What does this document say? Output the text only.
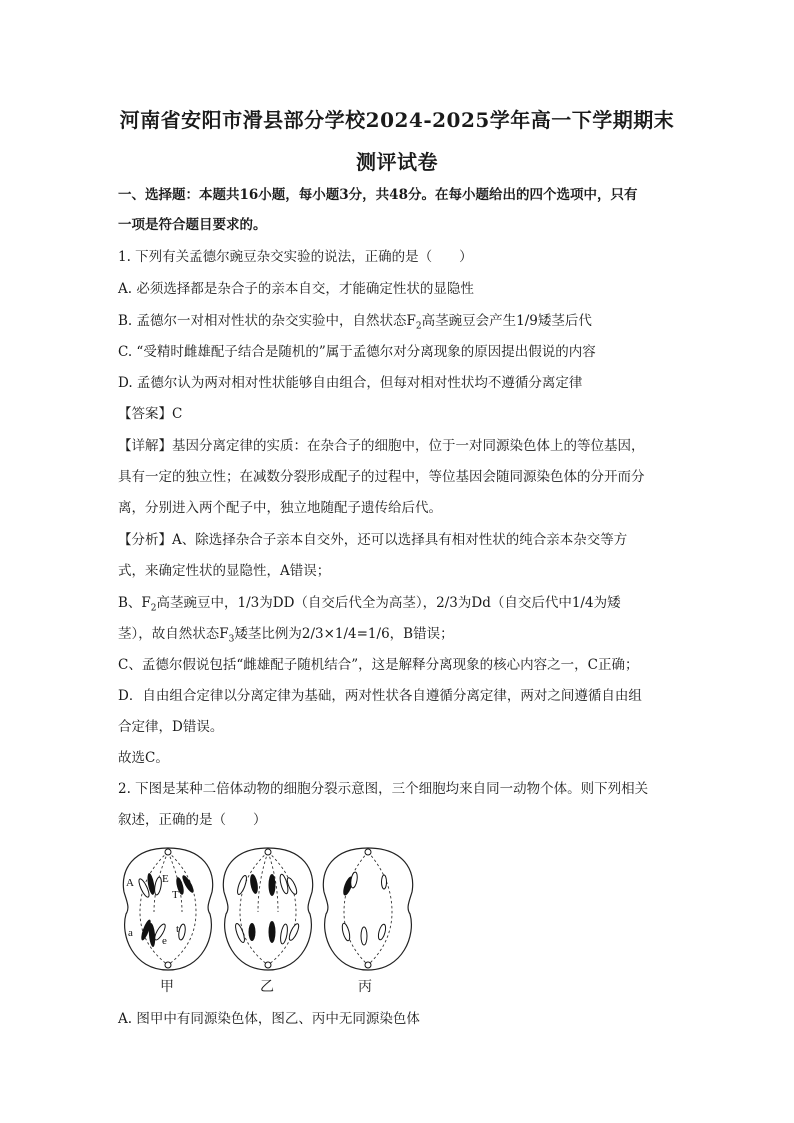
河南省安阳市滑县部分学校2024-2025学年高一下学期期末
测评试卷
一、选择题：本题共16小题，每小题3分，共48分。在每小题给出的四个选项中，只有
一项是符合题目要求的。
1. 下列有关孟德尔豌豆杂交实验的说法，正确的是（　　）
A. 必须选择都是杂合子的亲本自交，才能确定性状的显隐性
B. 孟德尔一对相对性状的杂交实验中，自然状态$F_2$高茎豌豆会产生1/9矮茎后代
C. “受精时雌雄配子结合是随机的”属于孟德尔对分离现象的原因提出假说的内容
D. 孟德尔认为两对相对性状能够自由组合，但每对相对性状均不遵循分离定律
【答案】C
【详解】基因分离定律的实质：在杂合子的细胞中，位于一对同源染色体上的等位基因，
具有一定的独立性；在减数分裂形成配子的过程中，等位基因会随同源染色体的分开而分
离，分别进入两个配子中，独立地随配子遗传给后代。
【分析】A、除选择杂合子亲本自交外，还可以选择具有相对性状的纯合亲本杂交等方
式，来确定性状的显隐性，A错误；
B、$F_2$高茎豌豆中，1/3为DD（自交后代全为高茎），2/3为Dd（自交后代中1/4为矮
茎），故自然状态$F_3$矮茎比例为2/3×1/4=1/6，B错误；
C、孟德尔假说包括“雌雄配子随机结合”，这是解释分离现象的核心内容之一，C正确；
D．自由组合定律以分离定律为基础，两对性状各自遵循分离定律，两对之间遵循自由组
合定律，D错误。
故选C。
2. 下图是某种二倍体动物的细胞分裂示意图，三个细胞均来自同一动物个体。则下列相关
叙述，正确的是（　　）
A	E
T
a
e
t
甲	乙	丙
A. 图甲中有同源染色体，图乙、丙中无同源染色体
